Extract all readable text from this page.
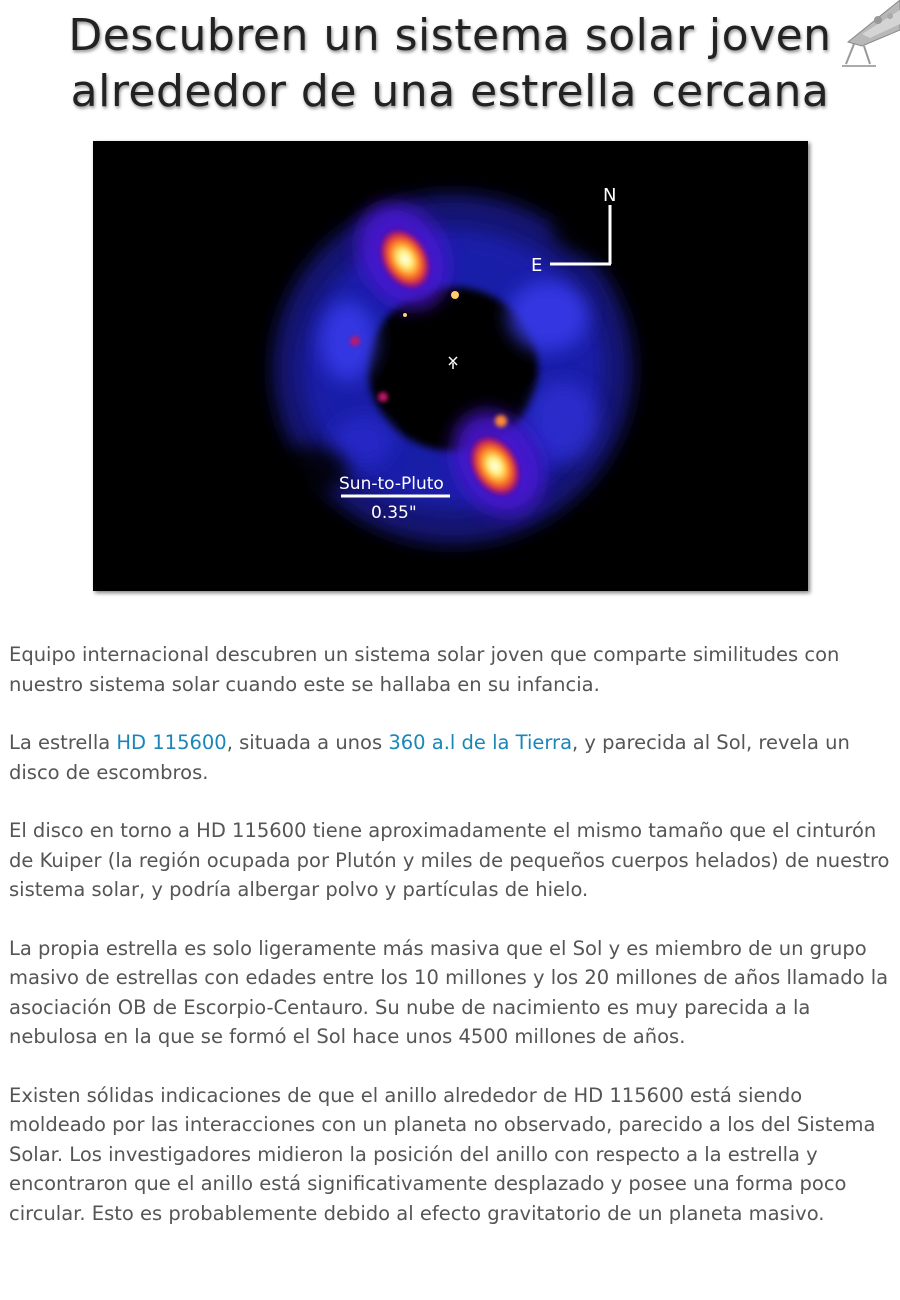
Descubren un sistema solar joven
alrededor de una estrella cercana
N
E
Sun-to-Pluto
0.35"

Equipo internacional descubren un sistema solar joven que comparte similitudes con nuestro sistema solar cuando este se hallaba en su infancia.

La estrella HD 115600, situada a unos 360 a.l de la Tierra, y parecida al Sol, revela un disco de escombros.

El disco en torno a HD 115600 tiene aproximadamente el mismo tamaño que el cinturón de Kuiper (la región ocupada por Plutón y miles de pequeños cuerpos helados) de nuestro sistema solar, y podría albergar polvo y partículas de hielo.

La propia estrella es solo ligeramente más masiva que el Sol y es miembro de un grupo masivo de estrellas con edades entre los 10 millones y los 20 millones de años llamado la asociación OB de Escorpio-Centauro. Su nube de nacimiento es muy parecida a la nebulosa en la que se formó el Sol hace unos 4500 millones de años.

Existen sólidas indicaciones de que el anillo alrededor de HD 115600 está siendo moldeado por las interacciones con un planeta no observado, parecido a los del Sistema Solar. Los investigadores midieron la posición del anillo con respecto a la estrella y encontraron que el anillo está significativamente desplazado y posee una forma poco circular. Esto es probablemente debido al efecto gravitatorio de un planeta masivo.
